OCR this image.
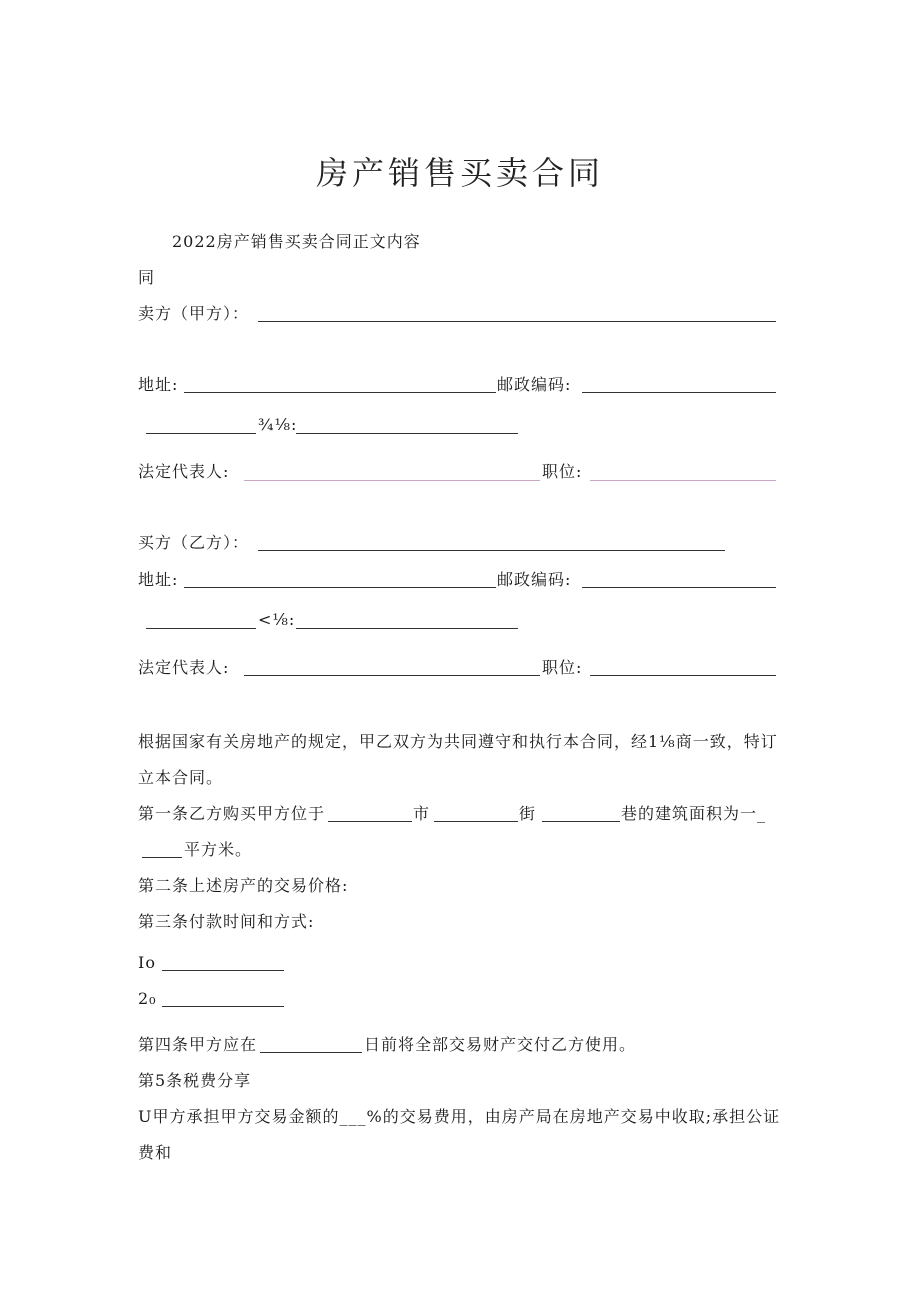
房产销售买卖合同
2022房产销售买卖合同正文内容
同
卖方（甲方）：
地址:	邮政编码:
¾⅛:
法定代表人:	职位:
买方（乙方）：
地址:	邮政编码:
<⅛:
法定代表人:	职位:
根据国家有关房地产的规定，甲乙双方为共同遵守和执行本合同，经1⅛商一致，特订
立本合同。
第一条乙方购买甲方位于	市	街	巷的建筑面积为一_
平方米。
第二条上述房产的交易价格:
第三条付款时间和方式:
Io
2₀
第四条甲方应在	日前将全部交易财产交付乙方使用。
第5条税费分享
U甲方承担甲方交易金额的___%的交易费用，由房产局在房地产交易中收取;承担公证
费和
